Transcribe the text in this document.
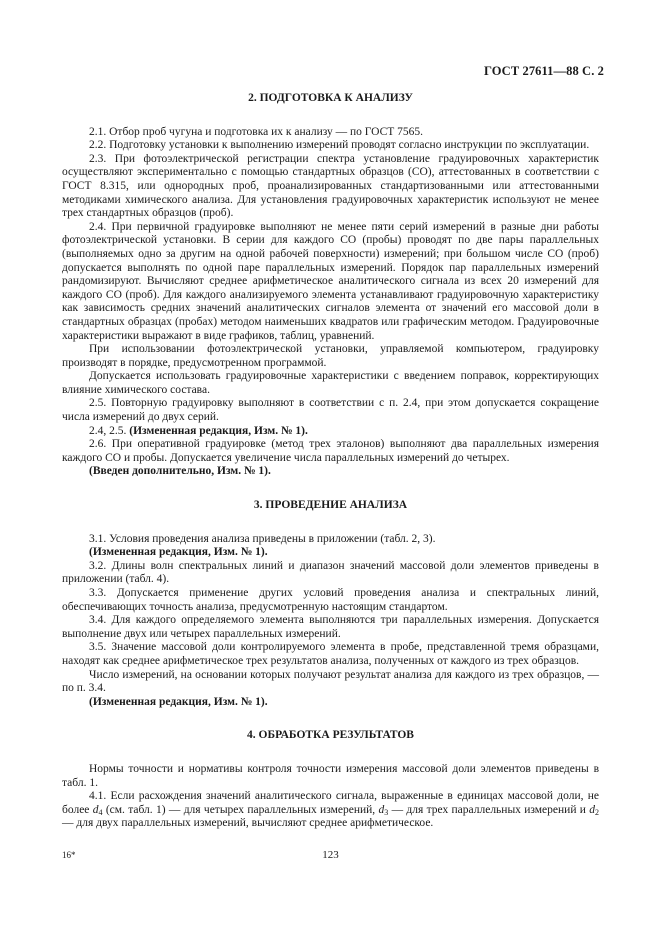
ГОСТ 27611—88 С. 2
2. ПОДГОТОВКА К АНАЛИЗУ

2.1. Отбор проб чугуна и подготовка их к анализу — по ГОСТ 7565.

2.2. Подготовку установки к выполнению измерений проводят согласно инструкции по эксплуатации.

2.3. При фотоэлектрической регистрации спектра установление градуировочных характеристик осуществляют экспериментально с помощью стандартных образцов (СО), аттестованных в соответствии с ГОСТ 8.315, или однородных проб, проанализированных стандартизованными или аттестованными методиками химического анализа. Для установления градуировочных характеристик используют не менее трех стандартных образцов (проб).

2.4. При первичной градуировке выполняют не менее пяти серий измерений в разные дни работы фотоэлектрической установки. В серии для каждого СО (пробы) проводят по две пары параллельных (выполняемых одно за другим на одной рабочей поверхности) измерений; при большом числе СО (проб) допускается выполнять по одной паре параллельных измерений. Порядок пар параллельных измерений рандомизируют. Вычисляют среднее арифметическое аналитического сигнала из всех 20 измерений для каждого СО (проб). Для каждого анализируемого элемента устанавливают градуировочную характеристику как зависимость средних значений аналитических сигналов элемента от значений его массовой доли в стандартных образцах (пробах) методом наименьших квадратов или графическим методом. Градуировочные характеристики выражают в виде графиков, таблиц, уравнений.

При использовании фотоэлектрической установки, управляемой компьютером, градуировку производят в порядке, предусмотренном программой.

Допускается использовать градуировочные характеристики с введением поправок, корректирующих влияние химического состава.

2.5. Повторную градуировку выполняют в соответствии с п. 2.4, при этом допускается сокращение числа измерений до двух серий.

2.4, 2.5. (Измененная редакция, Изм. № 1).

2.6. При оперативной градуировке (метод трех эталонов) выполняют два параллельных измерения каждого СО и пробы. Допускается увеличение числа параллельных измерений до четырех.

(Введен дополнительно, Изм. № 1).

3. ПРОВЕДЕНИЕ АНАЛИЗА

3.1. Условия проведения анализа приведены в приложении (табл. 2, 3).

(Измененная редакция, Изм. № 1).

3.2. Длины волн спектральных линий и диапазон значений массовой доли элементов приведены в приложении (табл. 4).

3.3. Допускается применение других условий проведения анализа и спектральных линий, обеспечивающих точность анализа, предусмотренную настоящим стандартом.

3.4. Для каждого определяемого элемента выполняются три параллельных измерения. Допускается выполнение двух или четырех параллельных измерений.

3.5. Значение массовой доли контролируемого элемента в пробе, представленной тремя образцами, находят как среднее арифметическое трех результатов анализа, полученных от каждого из трех образцов.

Число измерений, на основании которых получают результат анализа для каждого из трех образцов, — по п. 3.4.

(Измененная редакция, Изм. № 1).

4. ОБРАБОТКА РЕЗУЛЬТАТОВ

Нормы точности и нормативы контроля точности измерения массовой доли элементов приведены в табл. 1.

4.1. Если расхождения значений аналитического сигнала, выраженные в единицах массовой доли, не более $d_4$ (см. табл. 1) — для четырех параллельных измерений, $d_3$ — для трех параллельных измерений и $d_2$ — для двух параллельных измерений, вычисляют среднее арифметическое.

16*	123
